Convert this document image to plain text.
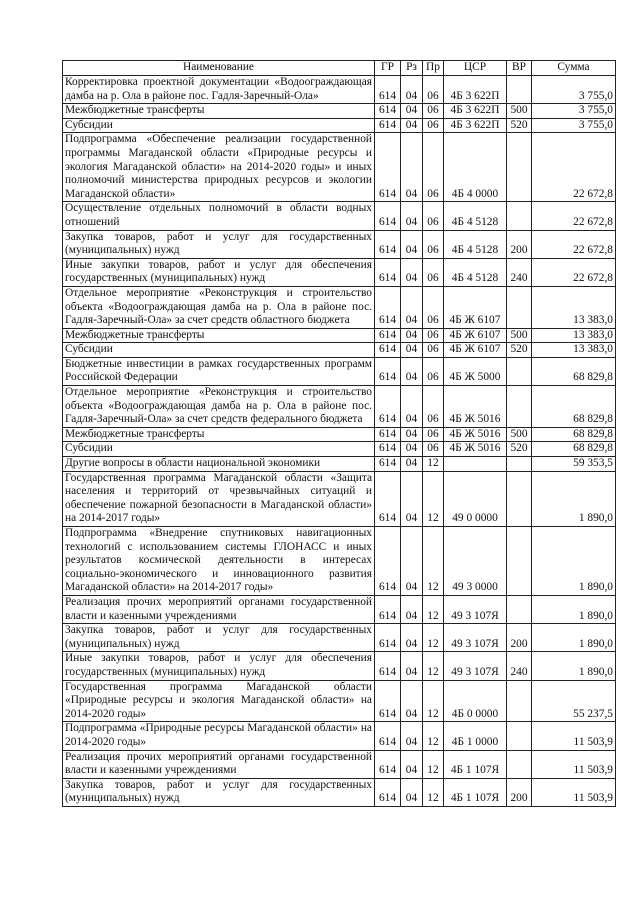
Наименование	ГР	Рз	Пр	ЦСР	ВР	Сумма
Корректировка проектной документации «Водоограждающая дамба на р. Ола в районе пос. Гадля-Заречный-Ола»	614	04	06	4Б 3 622П		3 755,0
Межбюджетные трансферты	614	04	06	4Б 3 622П	500	3 755,0
Субсидии	614	04	06	4Б 3 622П	520	3 755,0
Подпрограмма «Обеспечение реализации государственной программы Магаданской области «Природные ресурсы и экология Магаданской области» на 2014-2020 годы» и иных полномочий министерства природных ресурсов и экологии Магаданской области»	614	04	06	4Б 4 0000		22 672,8
Осуществление отдельных полномочий в области водных отношений	614	04	06	4Б 4 5128		22 672,8
Закупка товаров, работ и услуг для государственных (муниципальных) нужд	614	04	06	4Б 4 5128	200	22 672,8
Иные закупки товаров, работ и услуг для обеспечения государственных (муниципальных) нужд	614	04	06	4Б 4 5128	240	22 672,8
Отдельное мероприятие «Реконструкция и строительство объекта «Водоограждающая дамба на р. Ола в районе пос. Гадля-Заречный-Ола» за счет средств областного бюджета	614	04	06	4Б Ж 6107		13 383,0
Межбюджетные трансферты	614	04	06	4Б Ж 6107	500	13 383,0
Субсидии	614	04	06	4Б Ж 6107	520	13 383,0
Бюджетные инвестиции в рамках государственных программ Российской Федерации	614	04	06	4Б Ж 5000		68 829,8
Отдельное мероприятие «Реконструкция и строительство объекта «Водоограждающая дамба на р. Ола в районе пос. Гадля-Заречный-Ола» за счет средств федерального бюджета	614	04	06	4Б Ж 5016		68 829,8
Межбюджетные трансферты	614	04	06	4Б Ж 5016	500	68 829,8
Субсидии	614	04	06	4Б Ж 5016	520	68 829,8
Другие вопросы в области национальной экономики	614	04	12			59 353,5
Государственная программа Магаданской области «Защита населения и территорий от чрезвычайных ситуаций и обеспечение пожарной безопасности в Магаданской области» на 2014-2017 годы»	614	04	12	49 0 0000		1 890,0
Подпрограмма «Внедрение спутниковых навигационных технологий с использованием системы ГЛОНАСС и иных результатов космической деятельности в интересах социально-экономического и инновационного развития Магаданской области» на 2014-2017 годы»	614	04	12	49 3 0000		1 890,0
Реализация прочих мероприятий органами государственной власти и казенными учреждениями	614	04	12	49 3 107Я		1 890,0
Закупка товаров, работ и услуг для государственных (муниципальных) нужд	614	04	12	49 3 107Я	200	1 890,0
Иные закупки товаров, работ и услуг для обеспечения государственных (муниципальных) нужд	614	04	12	49 3 107Я	240	1 890,0
Государственная программа Магаданской области «Природные ресурсы и экология Магаданской области» на 2014-2020 годы»	614	04	12	4Б 0 0000		55 237,5
Подпрограмма «Природные ресурсы Магаданской области» на 2014-2020 годы»	614	04	12	4Б 1 0000		11 503,9
Реализация прочих мероприятий органами государственной власти и казенными учреждениями	614	04	12	4Б 1 107Я		11 503,9
Закупка товаров, работ и услуг для государственных (муниципальных) нужд	614	04	12	4Б 1 107Я	200	11 503,9
